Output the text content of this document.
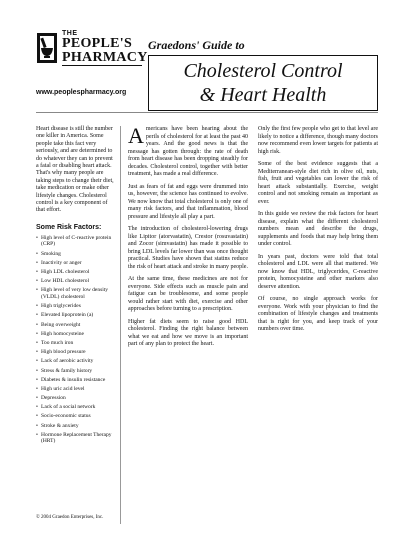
THE
PEOPLE'S
PHARMACY
Graedons' Guide to
Cholesterol Control
& Heart Health
www.peoplespharmacy.org

Heart disease is still the number one killer in America. Some people take this fact very seriously, and are determined to do whatever they can to prevent a fatal or disabling heart attack. That's why many people are taking steps to change their diet, take medication or make other lifestyle changes. Cholesterol control is a key component of that effort.

Some Risk Factors:
• High level of C-reactive protein (CRP)
• Smoking
• Inactivity or anger
• High LDL cholesterol
• Low HDL cholesterol
• High level of very low density (VLDL) cholesterol
• High triglycerides
• Elevated lipoprotein (a)
• Being overweight
• High homocysteine
• Too much iron
• High blood pressure
• Lack of aerobic activity
• Stress & family history
• Diabetes & insulin resistance
• High uric acid level
• Depression
• Lack of a social network
• Socio-economic status
• Stroke & anxiety
• Hormone Replacement Therapy (HRT)
© 2004 Graedon Enterprises, Inc.

Americans have been hearing about the perils of cholesterol for at least the past 40 years. And the good news is that the message has gotten through: the rate of death from heart disease has been dropping steadily for decades. Cholesterol control, together with better treatment, has made a real difference.

Just as fears of fat and eggs were drummed into us, however, the science has continued to evolve. We now know that total cholesterol is only one of many risk factors, and that inflammation, blood pressure and lifestyle all play a part.

The introduction of cholesterol-lowering drugs like Lipitor (atorvastatin), Crestor (rosuvastatin) and Zocor (simvastatin) has made it possible to bring LDL levels far lower than was once thought practical. Studies have shown that statins reduce the risk of heart attack and stroke in many people.

At the same time, these medicines are not for everyone. Side effects such as muscle pain and fatigue can be troublesome, and some people would rather start with diet, exercise and other approaches before turning to a prescription.

Higher fat diets seem to raise good HDL cholesterol. Finding the right balance between what we eat and how we move is an important part of any plan to protect the heart.

Only the first few people who get to that level are likely to notice a difference, though many doctors now recommend even lower targets for patients at high risk.

Some of the best evidence suggests that a Mediterranean-style diet rich in olive oil, nuts, fish, fruit and vegetables can lower the risk of heart attack substantially. Exercise, weight control and not smoking remain as important as ever.

In this guide we review the risk factors for heart disease, explain what the different cholesterol numbers mean and describe the drugs, supplements and foods that may help bring them under control.

In years past, doctors were told that total cholesterol and LDL were all that mattered. We now know that HDL, triglycerides, C-reactive protein, homocysteine and other markers also deserve attention.

Of course, no single approach works for everyone. Work with your physician to find the combination of lifestyle changes and treatments that is right for you, and keep track of your numbers over time.
